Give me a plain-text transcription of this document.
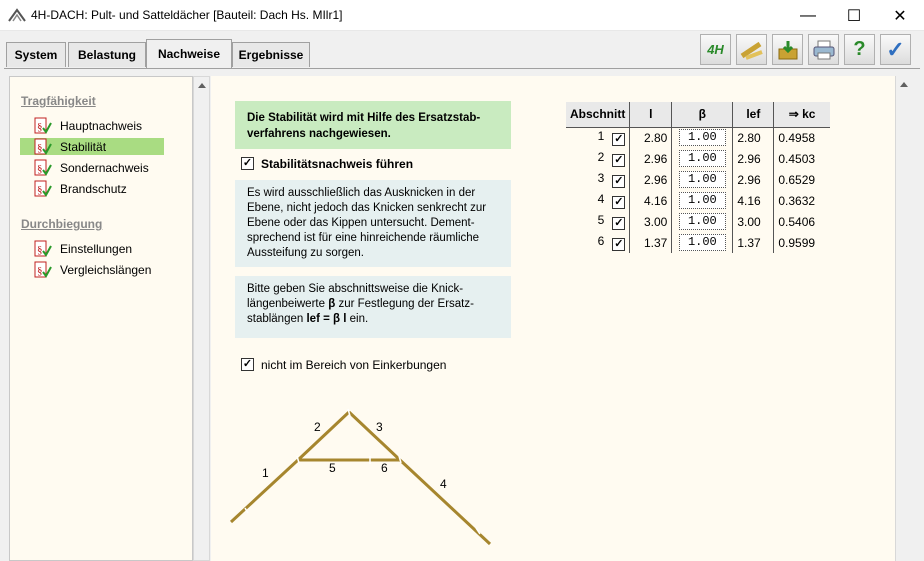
4H-DACH: Pult- und Satteldächer [Bauteil: Dach Hs. MIlr1]	— ☐ ✕
System	Belastung	Nachweise	Ergebnisse	4H	? ✓
Tragfähigkeit
§ Hauptnachweis
§ Stabilität
§ Sondernachweis
§ Brandschutz
Durchbiegung
§ Einstellungen
§ Vergleichslängen
Die Stabilität wird mit Hilfe des Ersatzstab-
verfahrens nachgewiesen.
✓ Stabilitätsnachweis führen
Es wird ausschließlich das Ausknicken in der
Ebene, nicht jedoch das Knicken senkrecht zur
Ebene oder das Kippen untersucht. Dement-
sprechend ist für eine hinreichende räumliche
Aussteifung zu sorgen.
Bitte geben Sie abschnittsweise die Knick-
längenbeiwerte β zur Festlegung der Ersatz-
stablängen lef = β l ein.
✓ nicht im Bereich von Einkerbungen
Abschnitt	l	β	lef	⇒ kc
1 ✓	2.80	1.00	2.80	0.4958
2 ✓	2.96	1.00	2.96	0.4503
3 ✓	2.96	1.00	2.96	0.6529
4 ✓	4.16	1.00	4.16	0.3632
5 ✓	3.00	1.00	3.00	0.5406
6 ✓	1.37	1.00	1.37	0.9599
1
2	3
4
5	6
